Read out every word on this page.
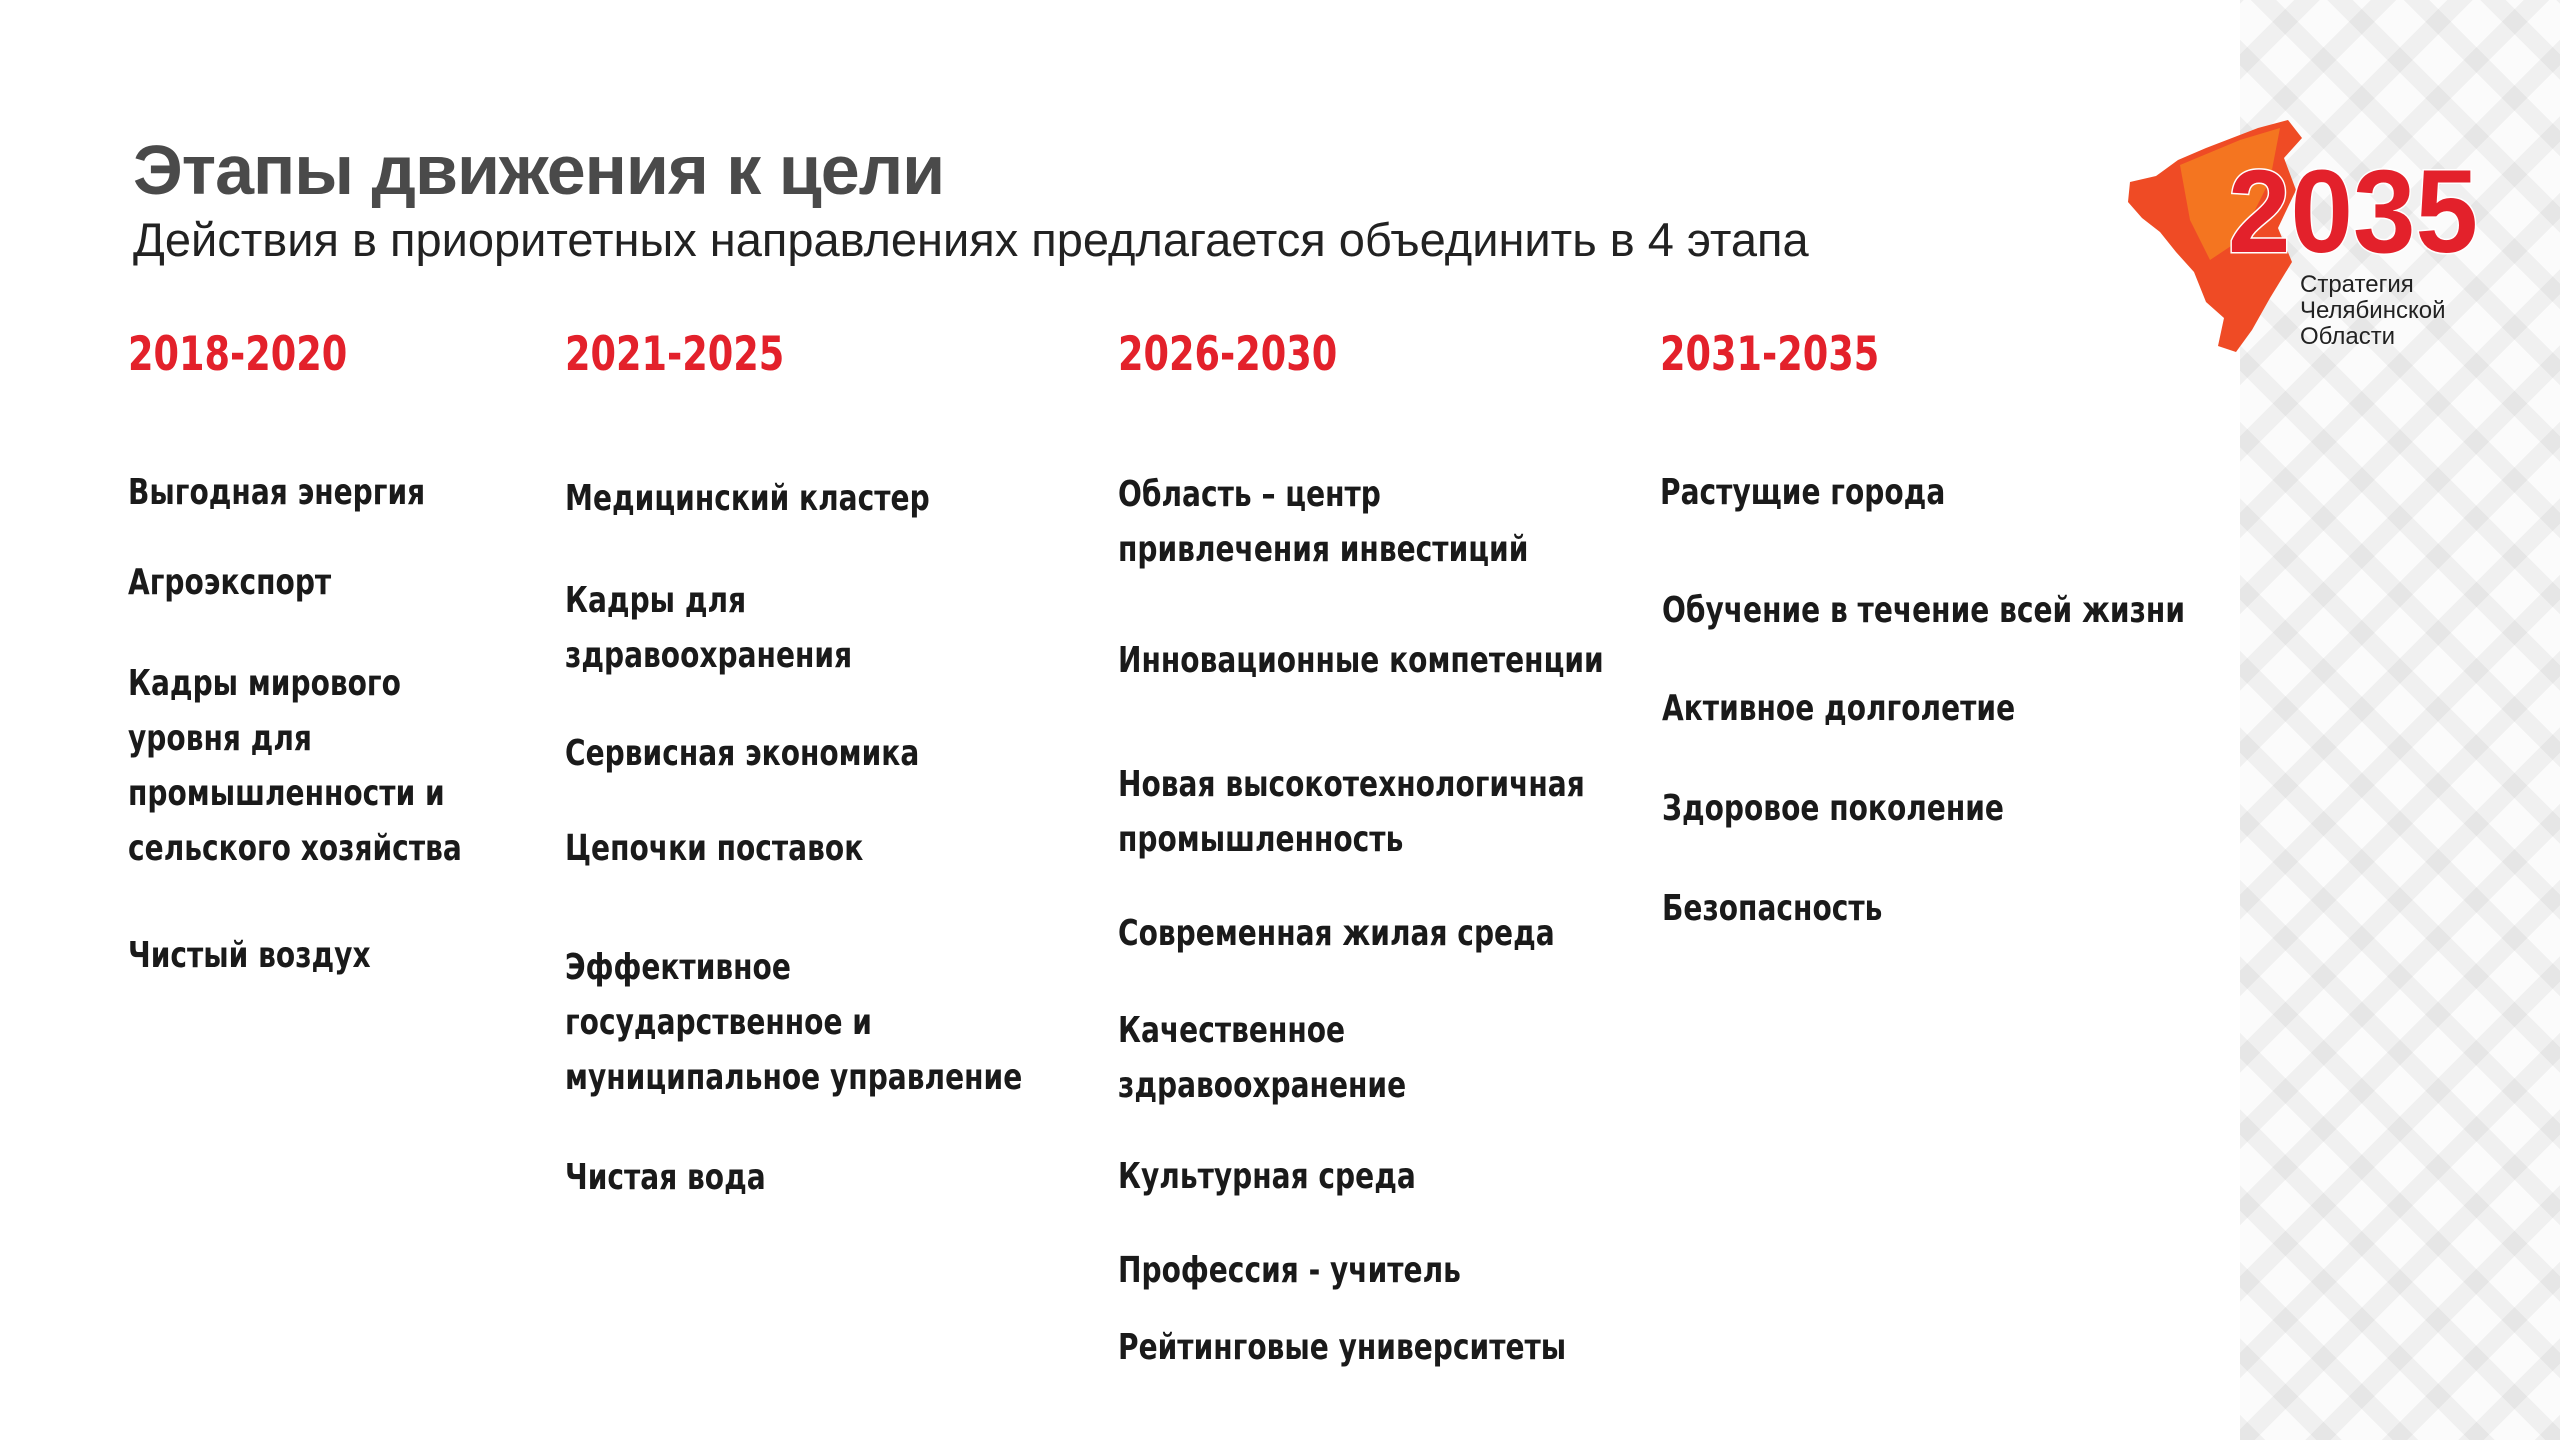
Этапы движения к цели

Действия в приоритетных направлениях предлагается объединить в 4 этапа	2035
Стратегия
Челябинской
Области
2018-2020
Выгодная энергия
Агроэкспорт
Кадры мирового
уровня для
промышленности и
сельского хозяйства
Чистый воздух
2021-2025
Медицинский кластер
Кадры для
здравоохранения
Сервисная экономика
Цепочки поставок
Эффективное
государственное и
муниципальное управление
Чистая вода
2026-2030
Область – центр
привлечения инвестиций
Инновационные компетенции
Новая высокотехнологичная
промышленность
Современная жилая среда
Качественное
здравоохранение
Культурная среда
Профессия - учитель
Рейтинговые университеты
2031-2035
Растущие города
Обучение в течение всей жизни
Активное долголетие
Здоровое поколение
Безопасность
